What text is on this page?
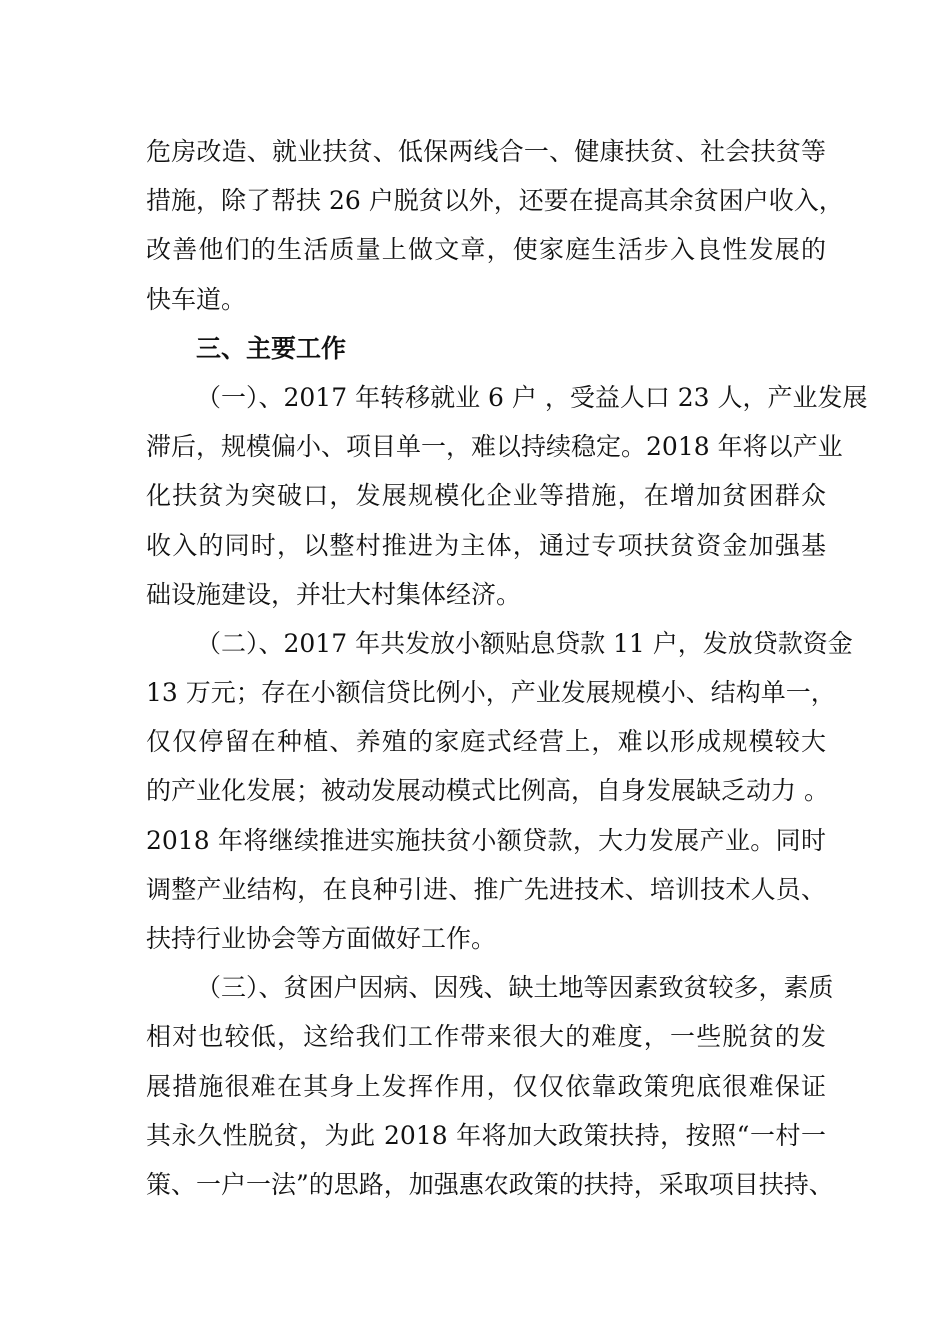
危房改造、就业扶贫、低保两线合一、健康扶贫、社会扶贫等
措施，除了帮扶 26 户脱贫以外，还要在提高其余贫困户收入，
改善他们的生活质量上做文章，使家庭生活步入良性发展的
快车道。
三、主要工作
（一）、2017 年转移就业 6 户 ，受益人口 23 人，产业发展
滞后，规模偏小、项目单一，难以持续稳定。2018 年将以产业
化扶贫为突破口，发展规模化企业等措施，在增加贫困群众
收入的同时，以整村推进为主体，通过专项扶贫资金加强基
础设施建设，并壮大村集体经济。
（二）、2017 年共发放小额贴息贷款 11 户，发放贷款资金
13 万元；存在小额信贷比例小，产业发展规模小、结构单一，
仅仅停留在种植、养殖的家庭式经营上，难以形成规模较大
的产业化发展；被动发展动模式比例高，自身发展缺乏动力 。
2018 年将继续推进实施扶贫小额贷款，大力发展产业。同时
调整产业结构，在良种引进、推广先进技术、培训技术人员、
扶持行业协会等方面做好工作。
（三）、贫困户因病、因残、缺土地等因素致贫较多，素质
相对也较低，这给我们工作带来很大的难度，一些脱贫的发
展措施很难在其身上发挥作用，仅仅依靠政策兜底很难保证
其永久性脱贫，为此 2018 年将加大政策扶持，按照“一村一
策、一户一法”的思路，加强惠农政策的扶持，采取项目扶持、
